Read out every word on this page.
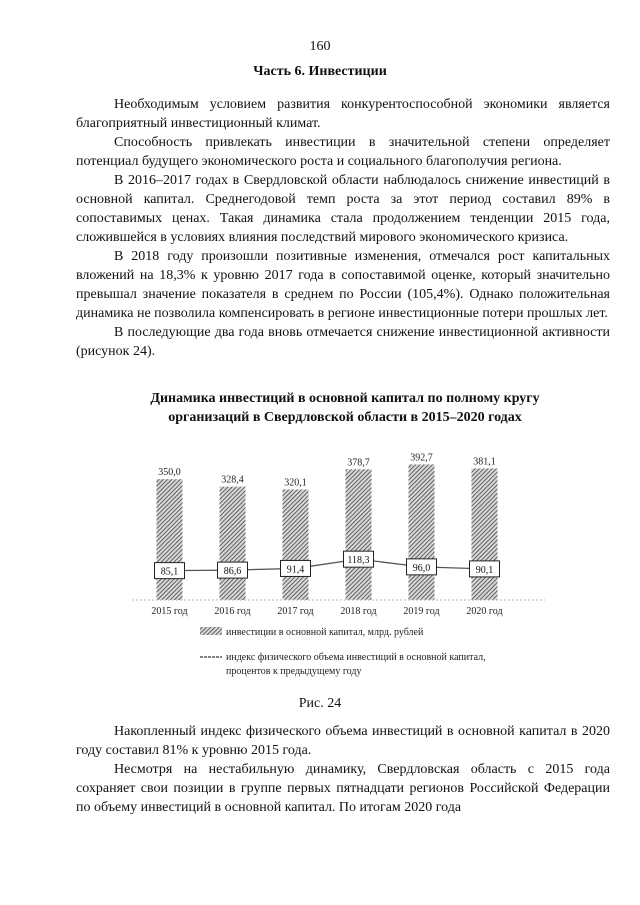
160
Часть 6. Инвестиции

Необходимым условием развития конкурентоспособной экономики является благоприятный инвестиционный климат.

Способность привлекать инвестиции в значительной степени определяет потенциал будущего экономического роста и социального благополучия региона.

В 2016–2017 годах в Свердловской области наблюдалось снижение инвестиций в основной капитал. Среднегодовой темп роста за этот период составил 89% в сопоставимых ценах. Такая динамика стала продолжением тенденции 2015 года, сложившейся в условиях влияния последствий мирового экономического кризиса.

В 2018 году произошли позитивные изменения, отмечался рост капитальных вложений на 18,3% к уровню 2017 года в сопоставимой оценке, который значительно превышал значение показателя в среднем по России (105,4%). Однако положительная динамика не позволила компенсировать в регионе инвестиционные потери прошлых лет.

В последующие два года вновь отмечается снижение инвестиционной активности (рисунок 24).

Динамика инвестиций в основной капитал по полному кругу организаций в Свердловской области в 2015–2020 годах
350,0
328,4	320,1
378,7	392,7	381,1
85,1	86,6	91,4
118,3
96,0	90,1
2015 год	2016 год	2017 год	2018 год	2019 год	2020 год
инвестиции в основной капитал, млрд. рублей
индекс физического объема инвестиций в основной капитал,
процентов к предыдущему году
Рис. 24

Накопленный индекс физического объема инвестиций в основной капитал в 2020 году составил 81% к уровню 2015 года.

Несмотря на нестабильную динамику, Свердловская область с 2015 года сохраняет свои позиции в группе первых пятнадцати регионов Российской Федерации по объему инвестиций в основной капитал. По итогам 2020 года
